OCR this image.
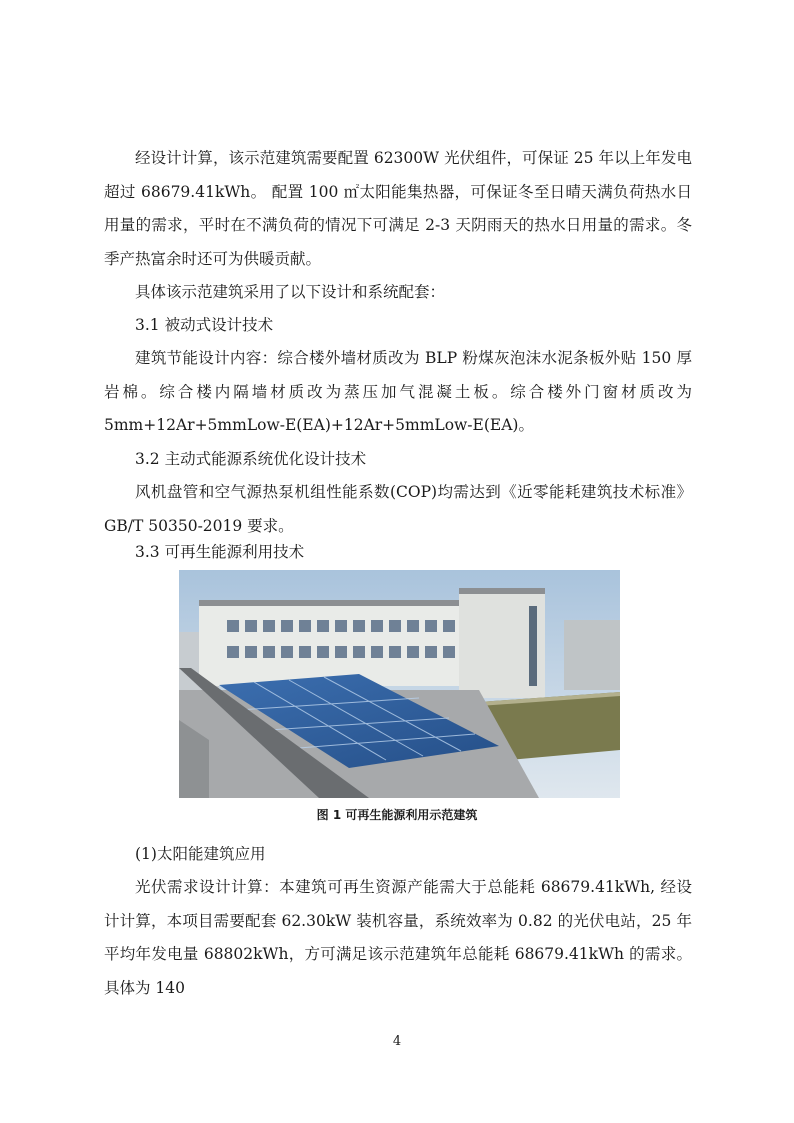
经设计计算，该示范建筑需要配置 62300W 光伏组件，可保证 25 年以上年发电超过 68679.41kWh。 配置 100 ㎡太阳能集热器，可保证冬至日晴天满负荷热水日用量的需求，平时在不满负荷的情况下可满足 2-3 天阴雨天的热水日用量的需求。冬季产热富余时还可为供暖贡献。
具体该示范建筑采用了以下设计和系统配套：
3.1 被动式设计技术
建筑节能设计内容：综合楼外墙材质改为 BLP 粉煤灰泡沫水泥条板外贴 150 厚岩棉。综合楼内隔墙材质改为蒸压加气混凝土板。综合楼外门窗材质改为 5mm+12Ar+5mmLow-E(EA)+12Ar+5mmLow-E(EA)。
3.2 主动式能源系统优化设计技术
风机盘管和空气源热泵机组性能系数(COP)均需达到《近零能耗建筑技术标准》GB/T 50350-2019 要求。
3.3 可再生能源利用技术
图 1 可再生能源利用示范建筑
(1)太阳能建筑应用
光伏需求设计计算：本建筑可再生资源产能需大于总能耗 68679.41kWh, 经设计计算，本项目需要配套 62.30kW 装机容量，系统效率为 0.82 的光伏电站，25 年平均年发电量 68802kWh，方可满足该示范建筑年总能耗 68679.41kWh 的需求。具体为 140
4
